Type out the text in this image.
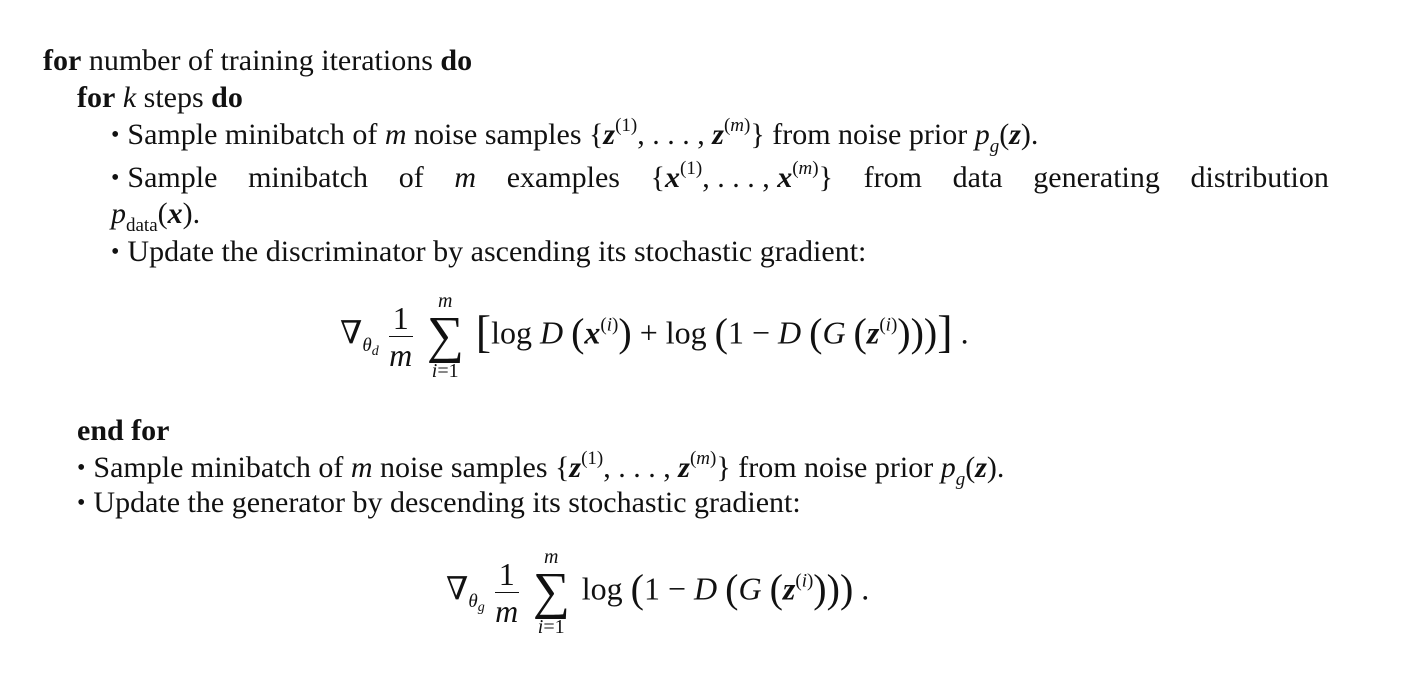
for number of training iterations do
for k steps do
• Sample minibatch of m noise samples {$z^{(1)}$, . . . , $z^{(m)}$} from noise prior $p_g(z)$.
• Sample minibatch of m examples {$x^{(1)}$, . . . , $x^{(m)}$} from data generating distribution
$p_{data}(x)$.
• Update the discriminator by ascending its stochastic gradient:
$\nabla_{\theta_d} \frac{1}{m}$
	m
∑
i=1
[log D $(x^{(i)}) + \log (1 - D$ (G $(z^{(i)})$))] .
end for
• Sample minibatch of m noise samples {$z^{(1)}$, . . . , $z^{(m)}$} from noise prior $p_g(z)$.
• Update the generator by descending its stochastic gradient:
$\nabla_{\theta_g} \frac{1}{m}$
	m
∑
i=1
log (1 − D (G $(z^{(i)})$)) .
